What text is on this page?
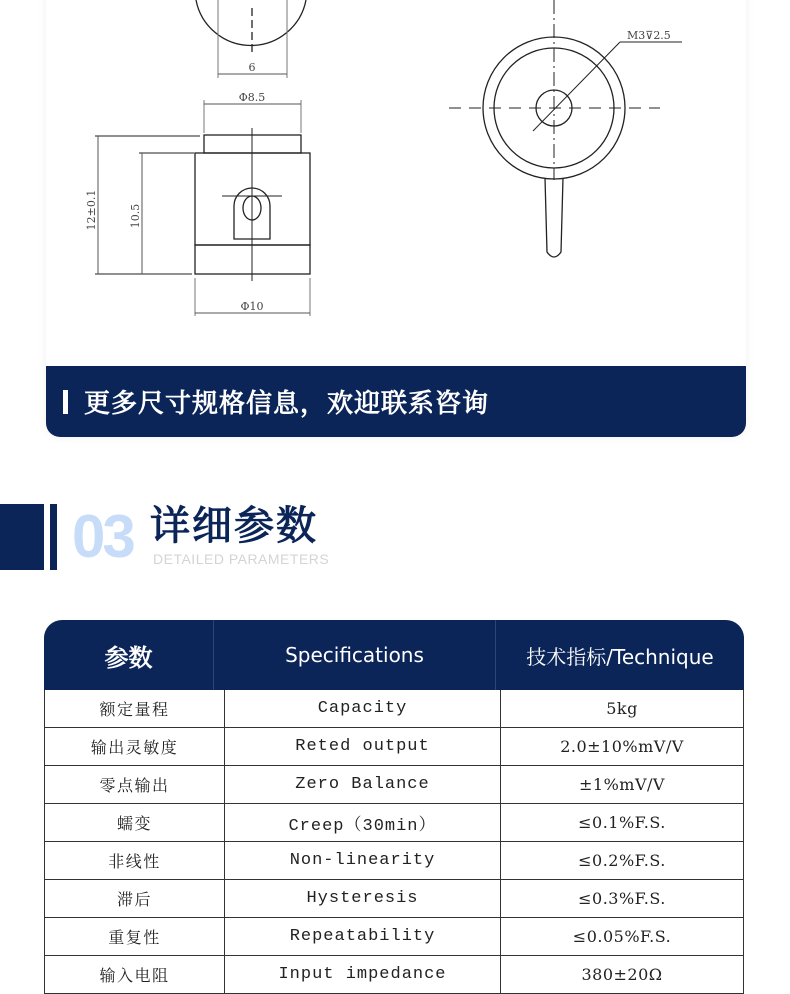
6
Φ8.5
12±0.1	10.5
Φ10
M3⊽2.5
更多尺寸规格信息，欢迎联系咨询
03 详细参数
DETAILED PARAMETERS
参数	Specifications	技术指标/Technique
额定量程	Capacity	5kg
输出灵敏度	Reted output	2.0±10%mV/V
零点输出	Zero Balance	±1%mV/V
蠕变	Creep（30min）	≤0.1%F.S.
非线性	Non-linearity	≤0.2%F.S.
滞后	Hysteresis	≤0.3%F.S.
重复性	Repeatability	≤0.05%F.S.
输入电阻	Input impedance	380±20Ω
